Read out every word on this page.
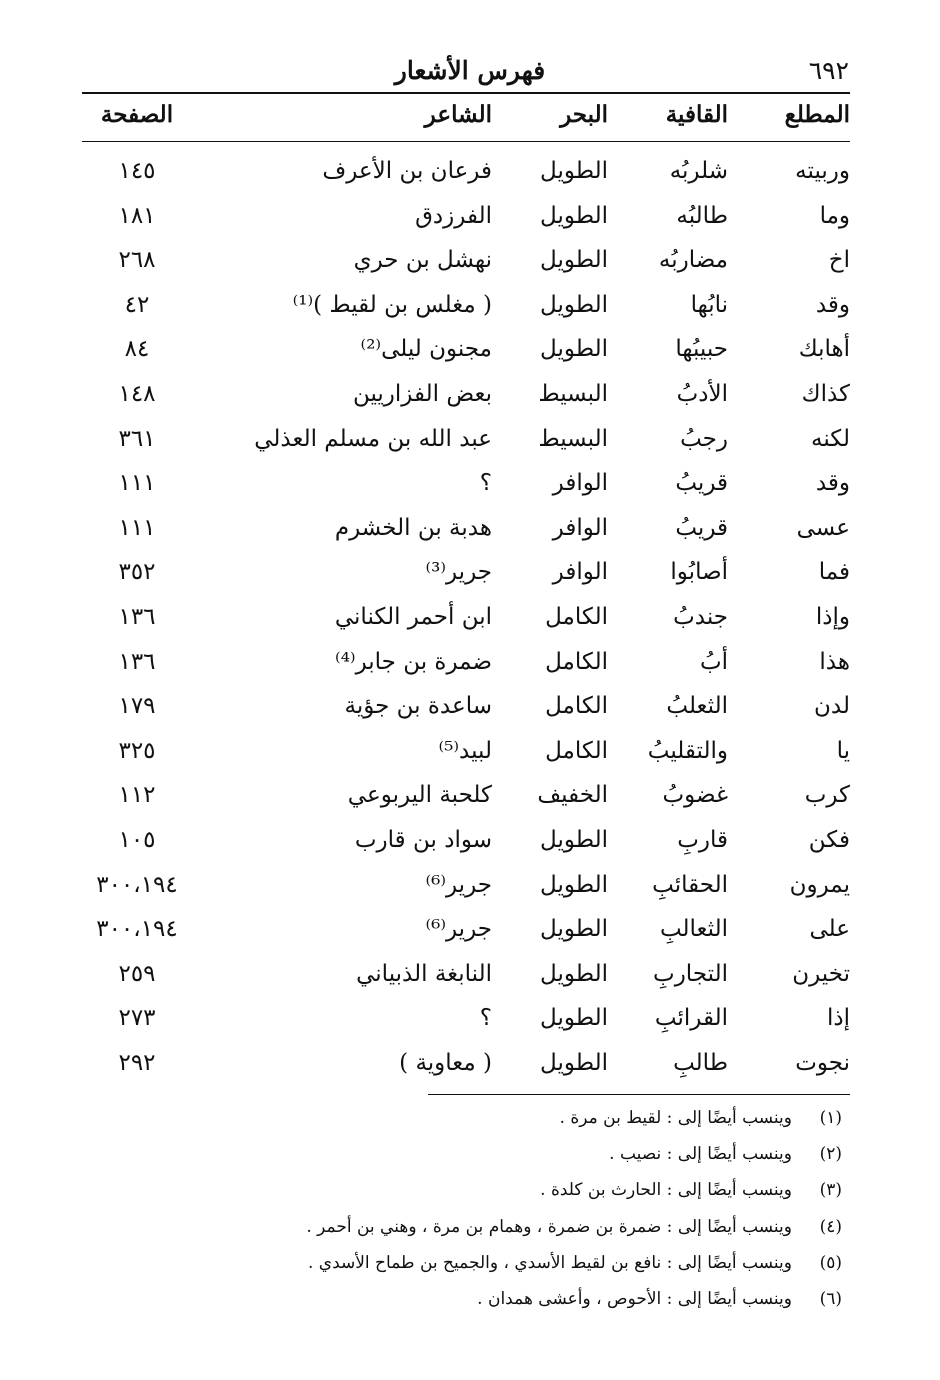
٦٩٢
فهرس الأشعار
المطلع
القافية
البحر
الشاعر
الصفحة
وربيته
شلربُه
الطويل
فرعان بن الأعرف
١٤٥
وما
طالبُه
الطويل
الفرزدق
١٨١
اخ
مضاربُه
الطويل
نهشل بن حري
٢٦٨
وقد
نابُها
الطويل
( مغلس بن لقيط )⁽¹⁾
٤٢
أهابك
حبيبُها
الطويل
مجنون ليلى⁽²⁾
٨٤
كذاك
الأدبُ
البسيط
بعض الفزاريين
١٤٨
لكنه
رجبُ
البسيط
عبد الله بن مسلم العذلي
٣٦١
وقد
قريبُ
الوافر
؟
١١١
عسى
قريبُ
الوافر
هدبة بن الخشرم
١١١
فما
أصابُوا
الوافر
جرير⁽³⁾
٣٥٢
وإذا
جندبُ
الكامل
ابن أحمر الكناني
١٣٦
هذا
أبُ
الكامل
ضمرة بن جابر⁽⁴⁾
١٣٦
لدن
الثعلبُ
الكامل
ساعدة بن جؤية
١٧٩
يا
والتقليبُ
الكامل
لبيد⁽⁵⁾
٣٢٥
كرب
غضوبُ
الخفيف
كلحبة اليربوعي
١١٢
فكن
قاربِ
الطويل
سواد بن قارب
١٠٥
يمرون
الحقائبِ
الطويل
جرير⁽⁶⁾
٣٠٠،١٩٤
على
الثعالبِ
الطويل
جرير⁽⁶⁾
٣٠٠،١٩٤
تخيرن
التجاربِ
الطويل
النابغة الذبياني
٢٥٩
إذا
القرائبِ
الطويل
؟
٢٧٣
نجوت
طالبِ
الطويل
( معاوية )
٢٩٢
(١)
وينسب أيضًا إلى : لقيط بن مرة .
(٢)
وينسب أيضًا إلى : نصيب .
(٣)
وينسب أيضًا إلى : الحارث بن كلدة .
(٤)
وينسب أيضًا إلى : ضمرة بن ضمرة ، وهمام بن مرة ، وهني بن أحمر .
(٥)
وينسب أيضًا إلى : نافع بن لقيط الأسدي ، والجميح بن طماح الأسدي .
(٦)
وينسب أيضًا إلى : الأحوص ، وأعشى همدان .
